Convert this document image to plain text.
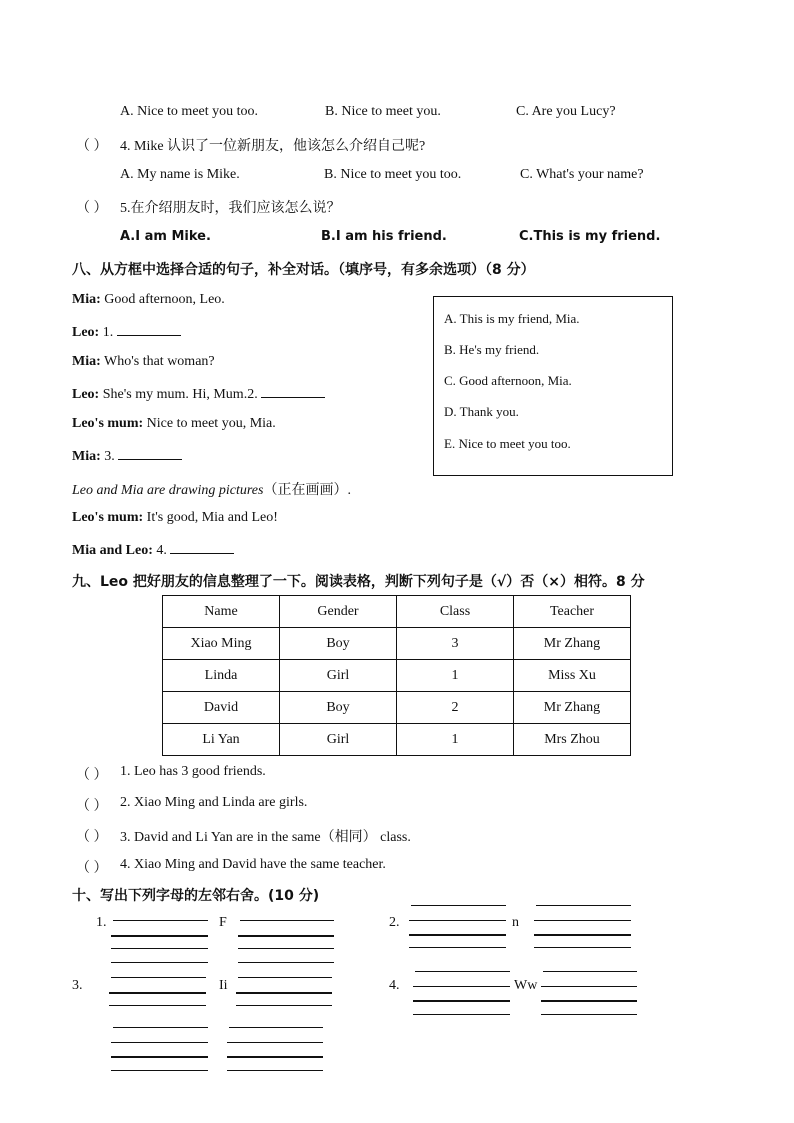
A. Nice to meet you too.	B. Nice to meet you.	C. Are you Lucy?
（ ） 4. Mike 认识了一位新朋友，他该怎么介绍自己呢?
A. My name is Mike.	B. Nice to meet you too.	C. What's your name?
（ ） 5.在介绍朋友时，我们应该怎么说？
A.I am Mike.	B.I am his friend.	C.This is my friend.
八、从方框中选择合适的句子，补全对话。（填序号，有多余选项）（8 分）
Mia: Good afternoon, Leo.
Leo: 1.
Mia: Who's that woman?
Leo: She's my mum. Hi, Mum.2.
Leo's mum: Nice to meet you, Mia.
Mia: 3.
Leo and Mia are drawing pictures（正在画画）.
Leo's mum: It's good, Mia and Leo!
Mia and Leo: 4.
A. This is my friend, Mia.
B. He's my friend.
C. Good afternoon, Mia.
D. Thank you.
E. Nice to meet you too.
九、Leo 把好朋友的信息整理了一下。阅读表格，判断下列句子是（√）否（×）相符。8 分
Name	Gender	Class	Teacher
Xiao Ming	Boy	3	Mr Zhang
Linda	Girl	1	Miss Xu
David	Boy	2	Mr Zhang
Li Yan	Girl	1	Mrs Zhou
（ ） 1. Leo has 3 good friends.
（ ） 2. Xiao Ming and Linda are girls.
（ ） 3. David and Li Yan are in the same（相同） class.
（ ） 4. Xiao Ming and David have the same teacher.
十、写出下列字母的左邻右舍。(10 分)
1.	F	2.	n
3.	Ii	4.	Ww
